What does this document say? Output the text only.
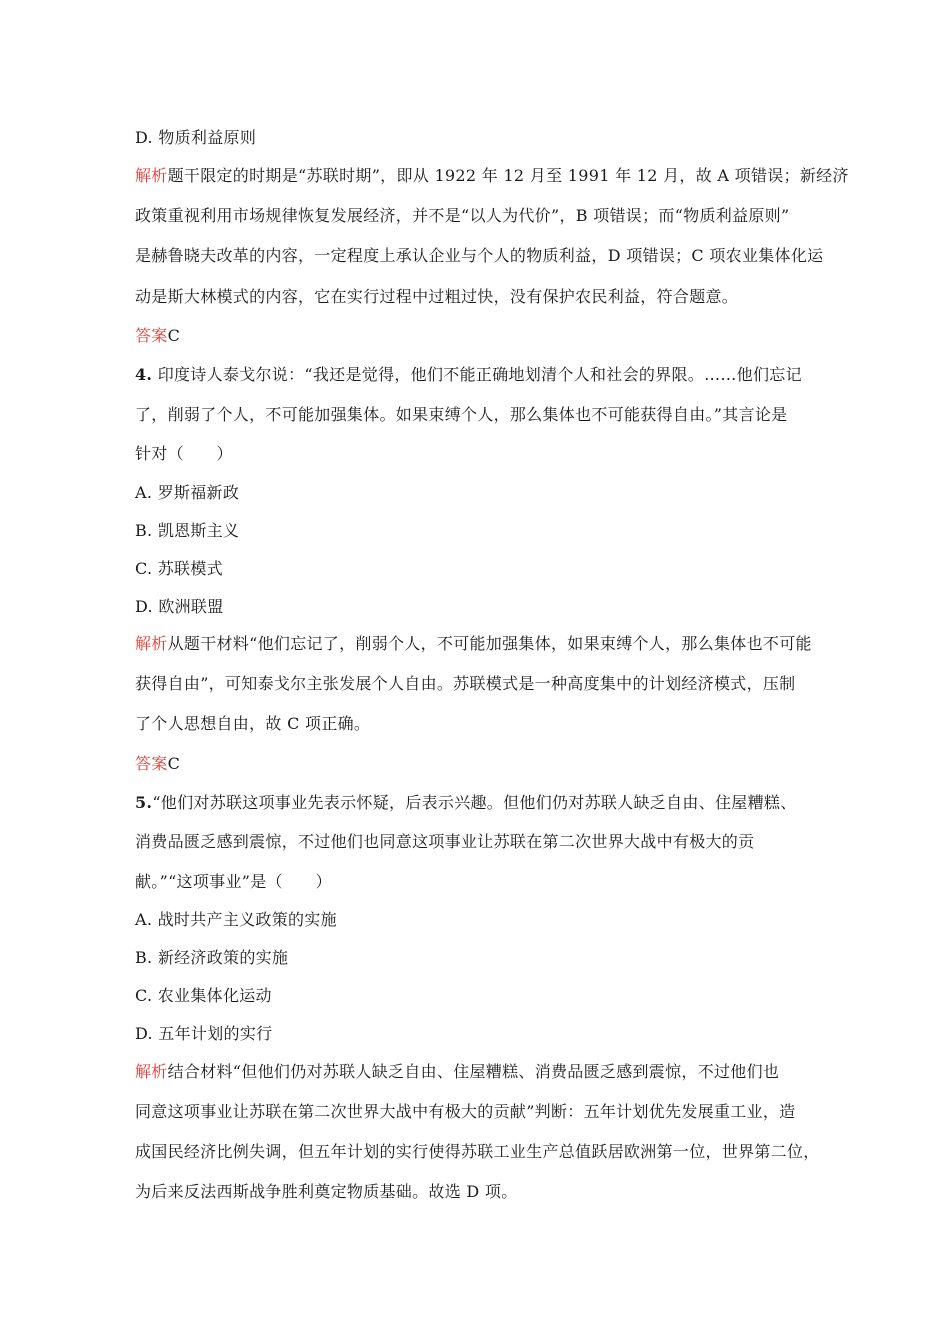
D. 物质利益原则
解析题干限定的时期是“苏联时期”，即从 1922 年 12 月至 1991 年 12 月，故 A 项错误；新经济
政策重视利用市场规律恢复发展经济，并不是“以人为代价”，B 项错误；而“物质利益原则”
是赫鲁晓夫改革的内容，一定程度上承认企业与个人的物质利益，D 项错误；C 项农业集体化运
动是斯大林模式的内容，它在实行过程中过粗过快，没有保护农民利益，符合题意。
答案C
4. 印度诗人泰戈尔说：“我还是觉得，他们不能正确地划清个人和社会的界限。……他们忘记
了，削弱了个人，不可能加强集体。如果束缚个人，那么集体也不可能获得自由。”其言论是
针对（　　）
A. 罗斯福新政
B. 凯恩斯主义
C. 苏联模式
D. 欧洲联盟
解析从题干材料“他们忘记了，削弱个人，不可能加强集体，如果束缚个人，那么集体也不可能
获得自由”，可知泰戈尔主张发展个人自由。苏联模式是一种高度集中的计划经济模式，压制
了个人思想自由，故 C 项正确。
答案C
5.“他们对苏联这项事业先表示怀疑，后表示兴趣。但他们仍对苏联人缺乏自由、住屋糟糕、
消费品匮乏感到震惊，不过他们也同意这项事业让苏联在第二次世界大战中有极大的贡
献。”“这项事业”是（　　）
A. 战时共产主义政策的实施
B. 新经济政策的实施
C. 农业集体化运动
D. 五年计划的实行
解析结合材料“但他们仍对苏联人缺乏自由、住屋糟糕、消费品匮乏感到震惊，不过他们也
同意这项事业让苏联在第二次世界大战中有极大的贡献”判断：五年计划优先发展重工业，造
成国民经济比例失调，但五年计划的实行使得苏联工业生产总值跃居欧洲第一位，世界第二位，
为后来反法西斯战争胜利奠定物质基础。故选 D 项。
